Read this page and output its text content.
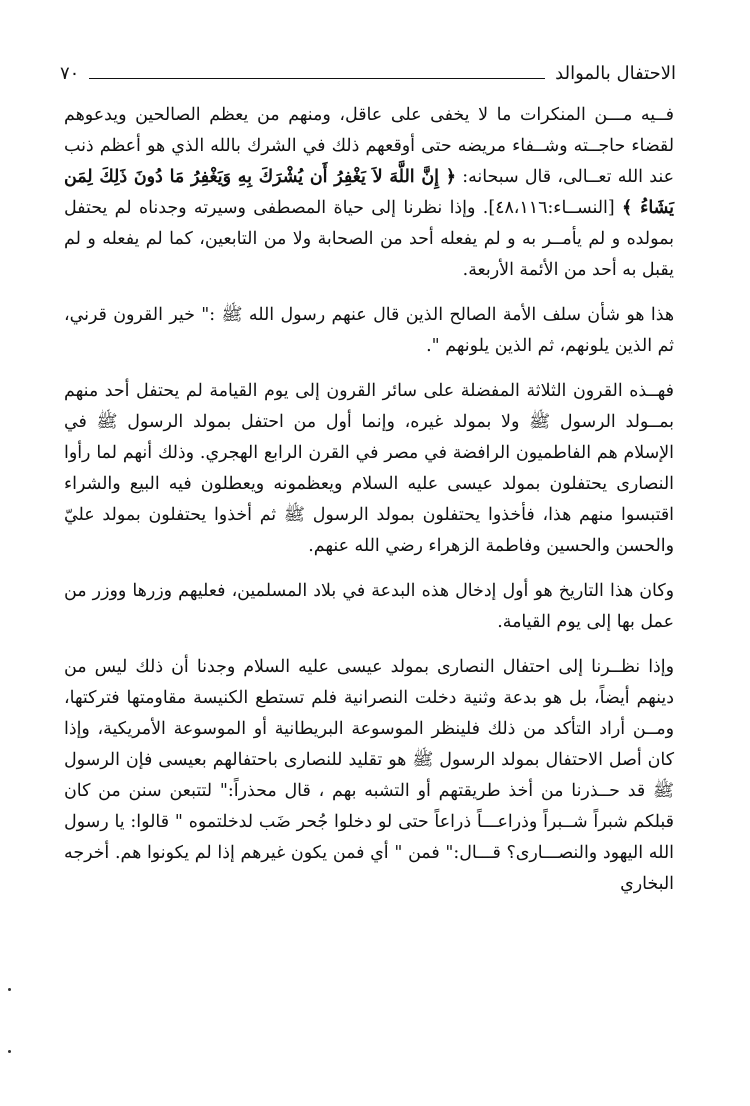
الاحتفال بالموالد
٧٠

فــيه مـــن المنكرات ما لا يخفى على عاقل، ومنهم من يعظم الصالحين ويدعوهم لقضاء حاجــته وشــفاء مريضه حتى أوقعهم ذلك في الشرك بالله الذي هو أعظم ذنب عند الله تعــالى، قال سبحانه: ﴿ إِنَّ اللَّهَ لاَ يَغْفِرُ أَن يُشْرَكَ بِهِ وَيَغْفِرُ مَا دُونَ ذَلِكَ لِمَن يَشَاءُ ﴾ [النســاء:٤٨،١١٦]. وإذا نظرنا إلى حياة المصطفى وسيرته وجدناه لم يحتفل بمولده و لم يأمــر به و لم يفعله أحد من الصحابة ولا من التابعين، كما لم يفعله و لم يقبل به أحد من الأئمة الأربعة.

هذا هو شأن سلف الأمة الصالح الذين قال عنهم رسول الله ﷺ :" خير القرون قرني، ثم الذين يلونهم، ثم الذين يلونهم ".

فهــذه القرون الثلاثة المفضلة على سائر القرون إلى يوم القيامة لم يحتفل أحد منهم بمــولد الرسول ﷺ ولا بمولد غيره، وإنما أول من احتفل بمولد الرسول ﷺ في الإسلام هم الفاطميون الرافضة في مصر في القرن الرابع الهجري. وذلك أنهم لما رأوا النصارى يحتفلون بمولد عيسى عليه السلام ويعظمونه ويعطلون فيه البيع والشراء اقتبسوا منهم هذا، فأخذوا يحتفلون بمولد الرسول ﷺ ثم أخذوا يحتفلون بمولد عليّ والحسن والحسين وفاطمة الزهراء رضي الله عنهم.

وكان هذا التاريخ هو أول إدخال هذه البدعة في بلاد المسلمين، فعليهم وزرها ووزر من عمل بها إلى يوم القيامة.

وإذا نظــرنا إلى احتفال النصارى بمولد عيسى عليه السلام وجدنا أن ذلك ليس من دينهم أيضاً، بل هو بدعة وثنية دخلت النصرانية فلم تستطع الكنيسة مقاومتها فتركتها، ومــن أراد التأكد من ذلك فلينظر الموسوعة البريطانية أو الموسوعة الأمريكية، وإذا كان أصل الاحتفال بمولد الرسول ﷺ هو تقليد للنصارى باحتفالهم بعيسى فإن الرسول ﷺ قد حــذرنا من أخذ طريقتهم أو التشبه بهم ، قال محذراً:" لتتبعن سنن من كان قبلكم شبراً شــبراً وذراعـــاً ذراعاً حتى لو دخلوا جُحر ضَب لدخلتموه " قالوا: يا رسول الله اليهود والنصـــارى؟ قـــال:" فمن " أي فمن يكون غيرهم إذا لم يكونوا هم. أخرجه البخاري
